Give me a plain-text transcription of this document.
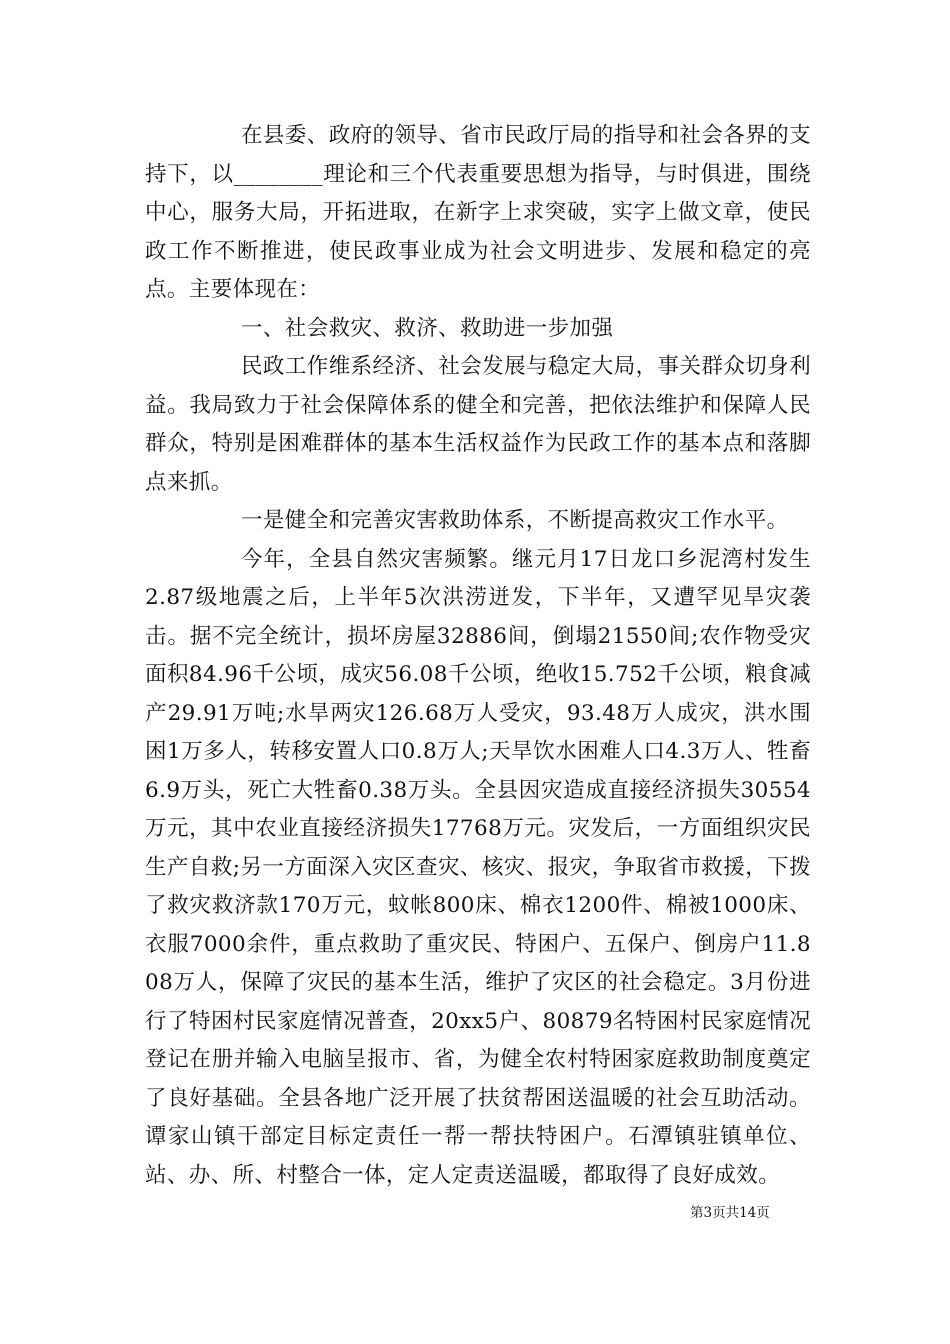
在县委、政府的领导、省市民政厅局的指导和社会各界的支持下，以________理论和三个代表重要思想为指导，与时俱进，围绕中心，服务大局，开拓进取，在新字上求突破，实字上做文章，使民政工作不断推进，使民政事业成为社会文明进步、发展和稳定的亮点。主要体现在：

一、社会救灾、救济、救助进一步加强

民政工作维系经济、社会发展与稳定大局，事关群众切身利益。我局致力于社会保障体系的健全和完善，把依法维护和保障人民群众，特别是困难群体的基本生活权益作为民政工作的基本点和落脚点来抓。

一是健全和完善灾害救助体系，不断提高救灾工作水平。

今年，全县自然灾害频繁。继元月17日龙口乡泥湾村发生2.87级地震之后，上半年5次洪涝迸发，下半年，又遭罕见旱灾袭击。据不完全统计，损坏房屋32886间，倒塌21550间;农作物受灾面积84.96千公顷，成灾56.08千公顷，绝收15.752千公顷，粮食减产29.91万吨;水旱两灾126.68万人受灾，93.48万人成灾，洪水围困1万多人，转移安置人口0.8万人;天旱饮水困难人口4.3万人、牲畜6.9万头，死亡大牲畜0.38万头。全县因灾造成直接经济损失30554万元，其中农业直接经济损失17768万元。灾发后，一方面组织灾民生产自救;另一方面深入灾区查灾、核灾、报灾，争取省市救援，下拨了救灾救济款170万元，蚊帐800床、棉衣1200件、棉被1000床、衣服7000余件，重点救助了重灾民、特困户、五保户、倒房户11.808万人，保障了灾民的基本生活，维护了灾区的社会稳定。3月份进行了特困村民家庭情况普查，20xx5户、80879名特困村民家庭情况登记在册并输入电脑呈报市、省，为健全农村特困家庭救助制度奠定了良好基础。全县各地广泛开展了扶贫帮困送温暖的社会互助活动。谭家山镇干部定目标定责任一帮一帮扶特困户。石潭镇驻镇单位、站、办、所、村整合一体，定人定责送温暖，都取得了良好成效。

第3页共14页
